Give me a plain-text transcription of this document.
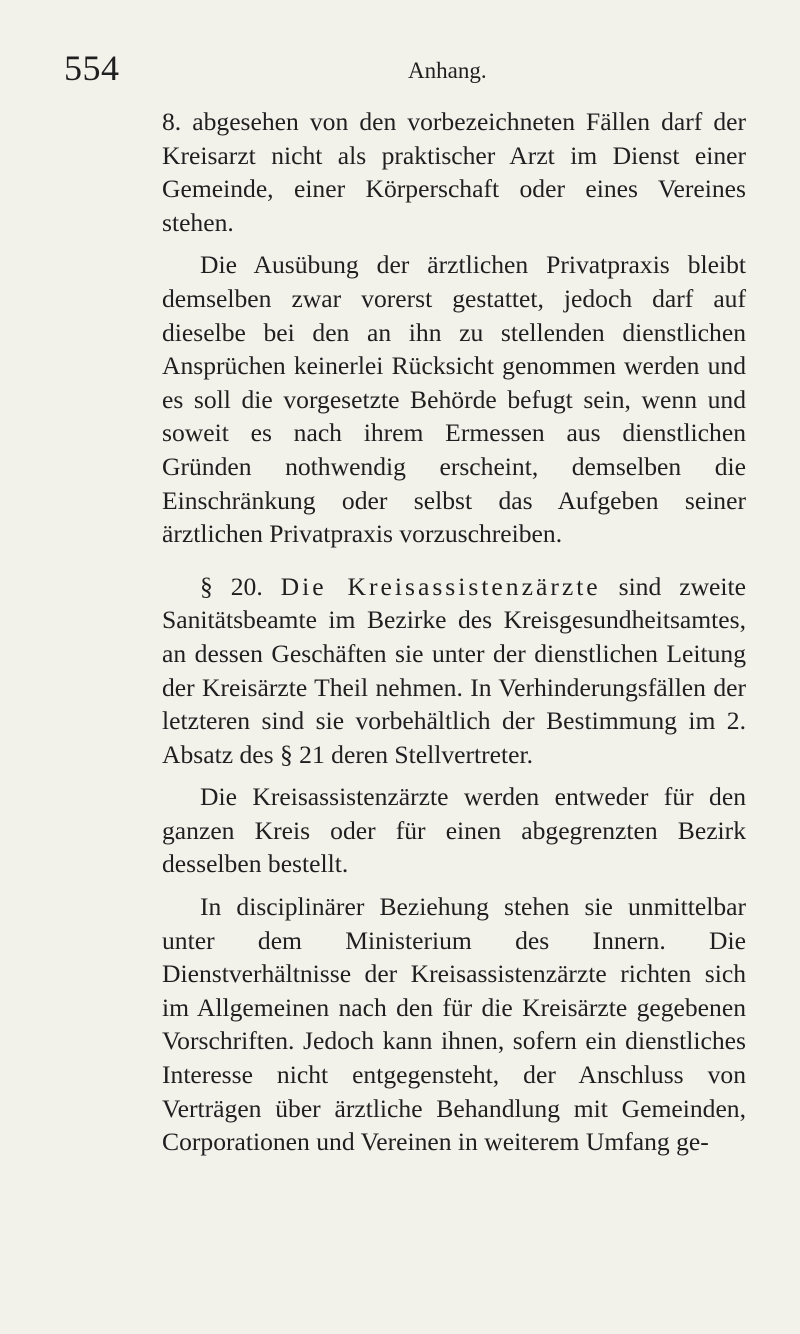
554	Anhang.

8. abgesehen von den vorbezeichneten Fällen darf der Kreisarzt nicht als praktischer Arzt im Dienst einer Gemeinde, einer Körperschaft oder eines Vereines stehen.

Die Ausübung der ärztlichen Privatpraxis bleibt demselben zwar vorerst gestattet, jedoch darf auf dieselbe bei den an ihn zu stellenden dienstlichen Ansprüchen keinerlei Rücksicht genommen werden und es soll die vorgesetzte Behörde befugt sein, wenn und soweit es nach ihrem Ermessen aus dienstlichen Gründen nothwendig erscheint, demselben die Einschränkung oder selbst das Aufgeben seiner ärztlichen Privatpraxis vorzuschreiben.

§ 20. Die Kreisassistenzärzte sind zweite Sanitätsbeamte im Bezirke des Kreisgesundheitsamtes, an dessen Geschäften sie unter der dienstlichen Leitung der Kreisärzte Theil nehmen. In Verhinderungsfällen der letzteren sind sie vorbehältlich der Bestimmung im 2. Absatz des § 21 deren Stellvertreter.

Die Kreisassistenzärzte werden entweder für den ganzen Kreis oder für einen abgegrenzten Bezirk desselben bestellt.

In disciplinärer Beziehung stehen sie unmittelbar unter dem Ministerium des Innern. Die Dienstverhältnisse der Kreisassistenzärzte richten sich im Allgemeinen nach den für die Kreisärzte gegebenen Vorschriften. Jedoch kann ihnen, sofern ein dienstliches Interesse nicht entgegensteht, der Anschluss von Verträgen über ärztliche Behandlung mit Gemeinden, Corporationen und Vereinen in weiterem Umfang ge-
